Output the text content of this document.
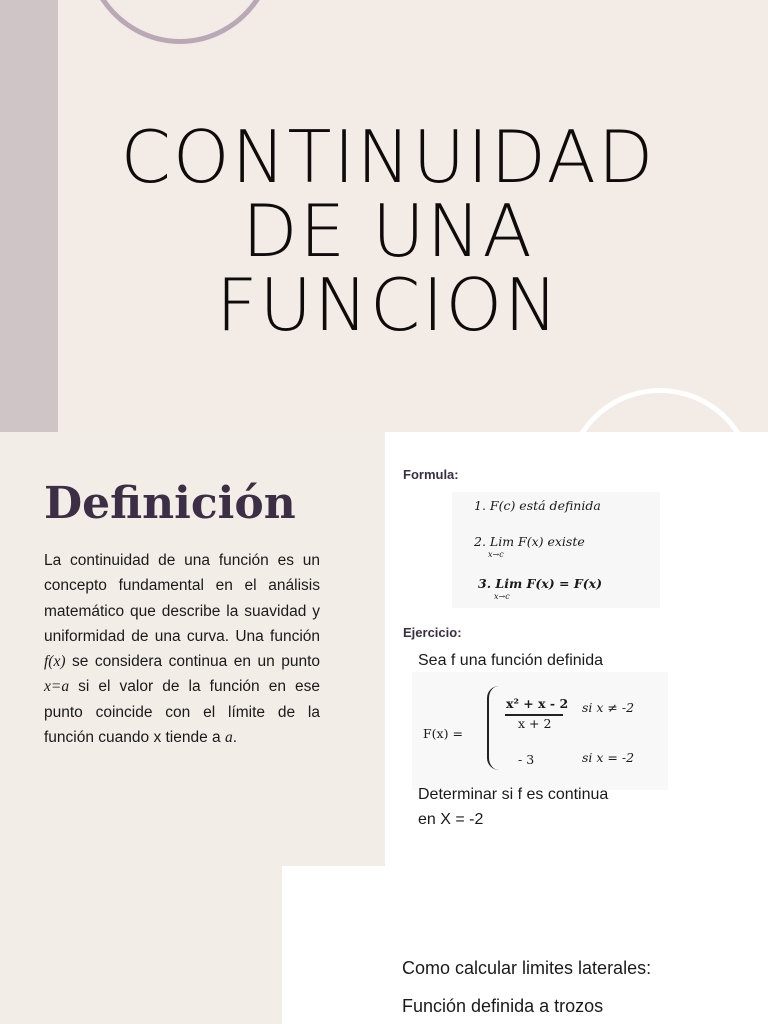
CONTINUIDAD
DE UNA
FUNCION
Definición

La continuidad de una función es un concepto fundamental en el análisis matemático que describe la suavidad y uniformidad de una curva. Una función f(x) se considera continua en un punto x=a si el valor de la función en ese punto coincide con el límite de la función cuando x tiende a a.

Formula:
1. F(c) está definida
2. Lim F(x) existe
x→c
3. Lim F(x) = F(x)
x→c
Ejercicio:
Sea f una función definida
F(x) =
x² + x - 2
x + 2
si x ≠ -2
- 3	si x = -2
Determinar si f es continua
en X = -2
Como calcular limites laterales:
Función definida a trozos
